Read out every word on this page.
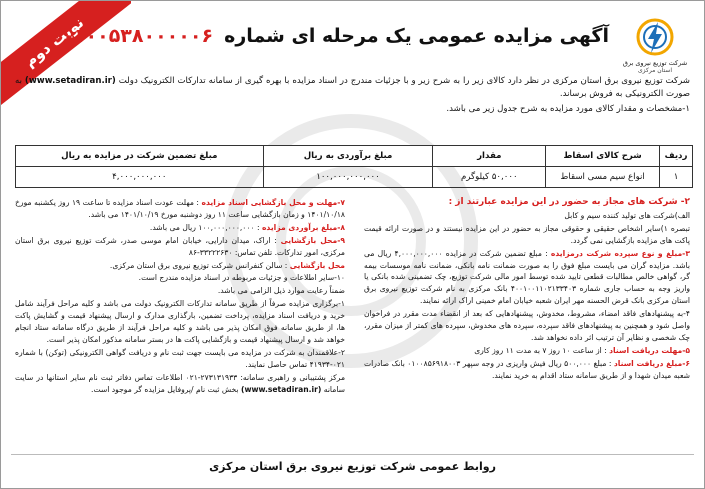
نوبت دوم	شرکت توزیع نیروی برق
استان مرکزی
آگهی مزایده عمومی یک مرحله ای شماره ۱۰۰۱۰۰۵۳۸۰۰۰۰۰۶
شرکت توزیع نیروی برق استان مرکزی در نظر دارد کالای زیر را به شرح زیر و با جزئیات مندرج در اسناد مزایده با بهره گیری از سامانه تدارکات الکترونیک دولت (www.setadiran.ir) به صورت الکترونیکی به فروش برساند.
۱-مشخصات و مقدار کالای مورد مزایده به شرح جدول زیر می باشد.
ردیف	شرح کالای اسقاط	مقدار	مبلغ برآوردی به ریال	مبلغ تضمین شرکت در مزایده به ریال
۱	انواع سیم مسی اسقاط	۵۰,۰۰۰ کیلوگرم	۱۰۰,۰۰۰,۰۰۰,۰۰۰	۴,۰۰۰,۰۰۰,۰۰۰

۲- شرکت های مجاز به حضور در این مزایده عبارتند از :

الف)شرکت های تولید کننده سیم و کابل

تبصره ۱)سایر اشخاص حقیقی و حقوقی مجاز به حضور در این مزایده نیستند و در صورت ارائه قیمت پاکت های مزایده بازگشایی نمی گردد.

۳-مبلغ و نوع سپرده شرکت درمزایده : مبلغ تضمین شرکت در مزایده ۴,۰۰۰,۰۰۰,۰۰۰ ریال می باشد. مزایده گران می بایست مبلغ فوق را به صورت ضمانت نامه بانکی، ضمانت نامه موسسات بیمه گر، گواهی خالص مطالبات قطعی تایید شده توسط امور مالی شرکت توزیع، چک تضمینی شده بانکی یا واریز وجه به حساب جاری شماره ۴۰۰۱۰۰۱۱۰۲۱۳۳۴۰۳ بانک مرکزی به نام شرکت توزیع نیروی برق استان مرکزی بانک قرض الحسنه مهر ایران شعبه خیابان امام خمینی اراک ارائه نمایند.

۴-به پیشنهادهای فاقد امضاء، مشروط، مخدوش، پیشنهادهایی که بعد از انقضاء مدت مقرر در فراخوان واصل شود و همچنین به پیشنهادهای فاقد سپرده، سپرده های مخدوش، سپرده های کمتر از میزان مقرر، چک شخصی و نظایر آن ترتیب اثر داده نخواهد شد.

۵-مهلت دریافت اسناد : از ساعت ۱۰ روز ۷ به مدت ۱۱ روز کاری

۶-مبلغ دریافت اسناد : مبلغ ۵۰۰,۰۰۰ ریال فیش واریزی در وجه سپهر ۰۱۰۰۸۵۶۹۱۸۰۰۳ بانک صادرات شعبه میدان شهدا و از طریق سامانه ستاد اقدام به خرید نمایند.

۷-مهلت و محل بازگشایی اسناد مزایده : مهلت عودت اسناد مزایده تا ساعت ۱۹ روز یکشنبه مورخ ۱۴۰۱/۱۰/۱۸ و زمان بازگشایی ساعت ۱۱ روز دوشنبه مورخ ۱۴۰۱/۱۰/۱۹ می باشد.

۸-مبلغ برآوردی مزایده : ۱۰۰,۰۰۰,۰۰۰,۰۰۰ ریال می باشد.

۹-محل بازگشایی : اراک، میدان دارایی، خیابان امام موسی صدر، شرکت توزیع نیروی برق استان مرکزی، امور تدارکات. تلفن تماس: ۳۳۲۲۲۶۳۰-۸۶

محل بازگشایی : سالن کنفرانس شرکت توزیع نیروی برق استان مرکزی.

۱۰-سایر اطلاعات و جزئیات مربوطه در اسناد مزایده مندرج است.

ضمناً رعایت موارد ذیل الزامی می باشد.

۱-برگزاری مزایده صرفاً از طریق سامانه تدارکات الکترونیک دولت می باشد و کلیه مراحل فرآیند شامل خرید و دریافت اسناد مزایده، پرداخت تضمین، بارگذاری مدارک و ارسال پیشنهاد قیمت و گشایش پاکت ها، از طریق سامانه فوق امکان پذیر می باشد و کلیه مراحل فرآیند از طریق درگاه سامانه ستاد انجام خواهد شد و ارسال پیشنهاد قیمت و بازگشایی پاکت ها در بستر سامانه مذکور امکان پذیر است.

۲-علاقمندان به شرکت در مزایده می بایست جهت ثبت نام و دریافت گواهی الکترونیکی (توکن) با شماره ۰۲۱-۴۱۹۳۴ تماس حاصل نمایند.

مرکز پشتیبانی و راهبری سامانه: ۲۷۳۱۳۱۹۳۳-۰۲۱ اطلاعات تماس دفاتر ثبت نام سایر استانها در سایت سامانه (www.setadiran.ir) بخش ثبت نام /پروفایل مزایده گر موجود است.

روابط عمومی شرکت توزیع نیروی برق استان مرکزی
